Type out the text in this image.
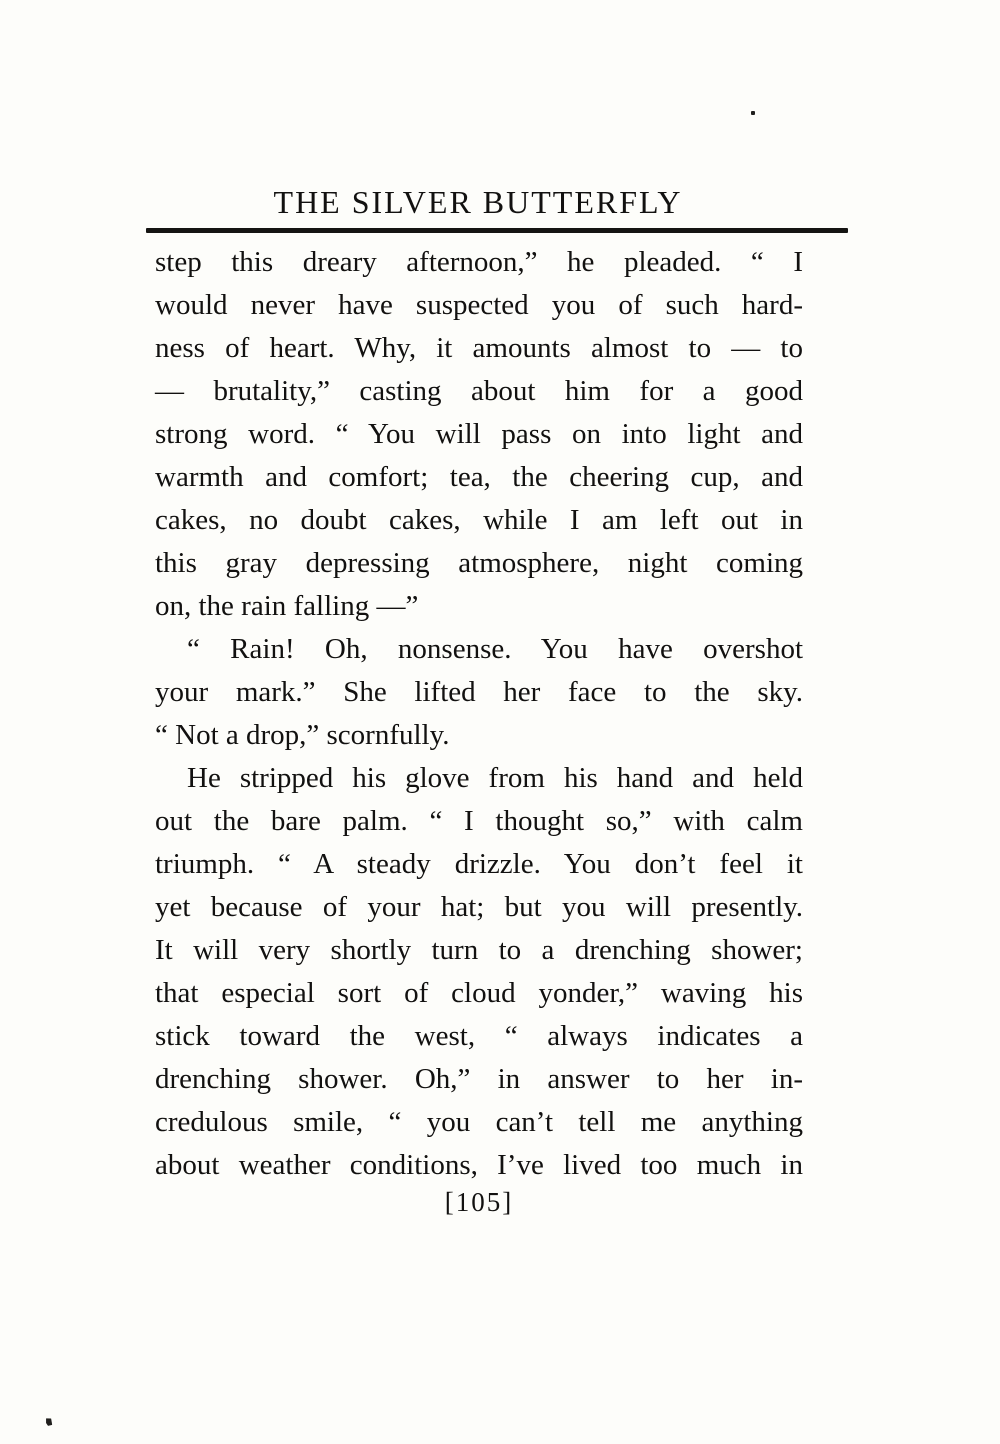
THE SILVER BUTTERFLY
step this dreary afternoon,” he pleaded. “ I
would never have suspected you of such hard-
ness of heart. Why, it amounts almost to — to
— brutality,” casting about him for a good
strong word. “ You will pass on into light and
warmth and comfort; tea, the cheering cup, and
cakes, no doubt cakes, while I am left out in
this gray depressing atmosphere, night coming
on, the rain falling —”
“ Rain! Oh, nonsense. You have overshot
your mark.” She lifted her face to the sky.
“ Not a drop,” scornfully.
He stripped his glove from his hand and held
out the bare palm. “ I thought so,” with calm
triumph. “ A steady drizzle. You don’t feel it
yet because of your hat; but you will presently.
It will very shortly turn to a drenching shower;
that especial sort of cloud yonder,” waving his
stick toward the west, “ always indicates a
drenching shower. Oh,” in answer to her in-
credulous smile, “ you can’t tell me anything
about weather conditions, I’ve lived too much in
[105]
